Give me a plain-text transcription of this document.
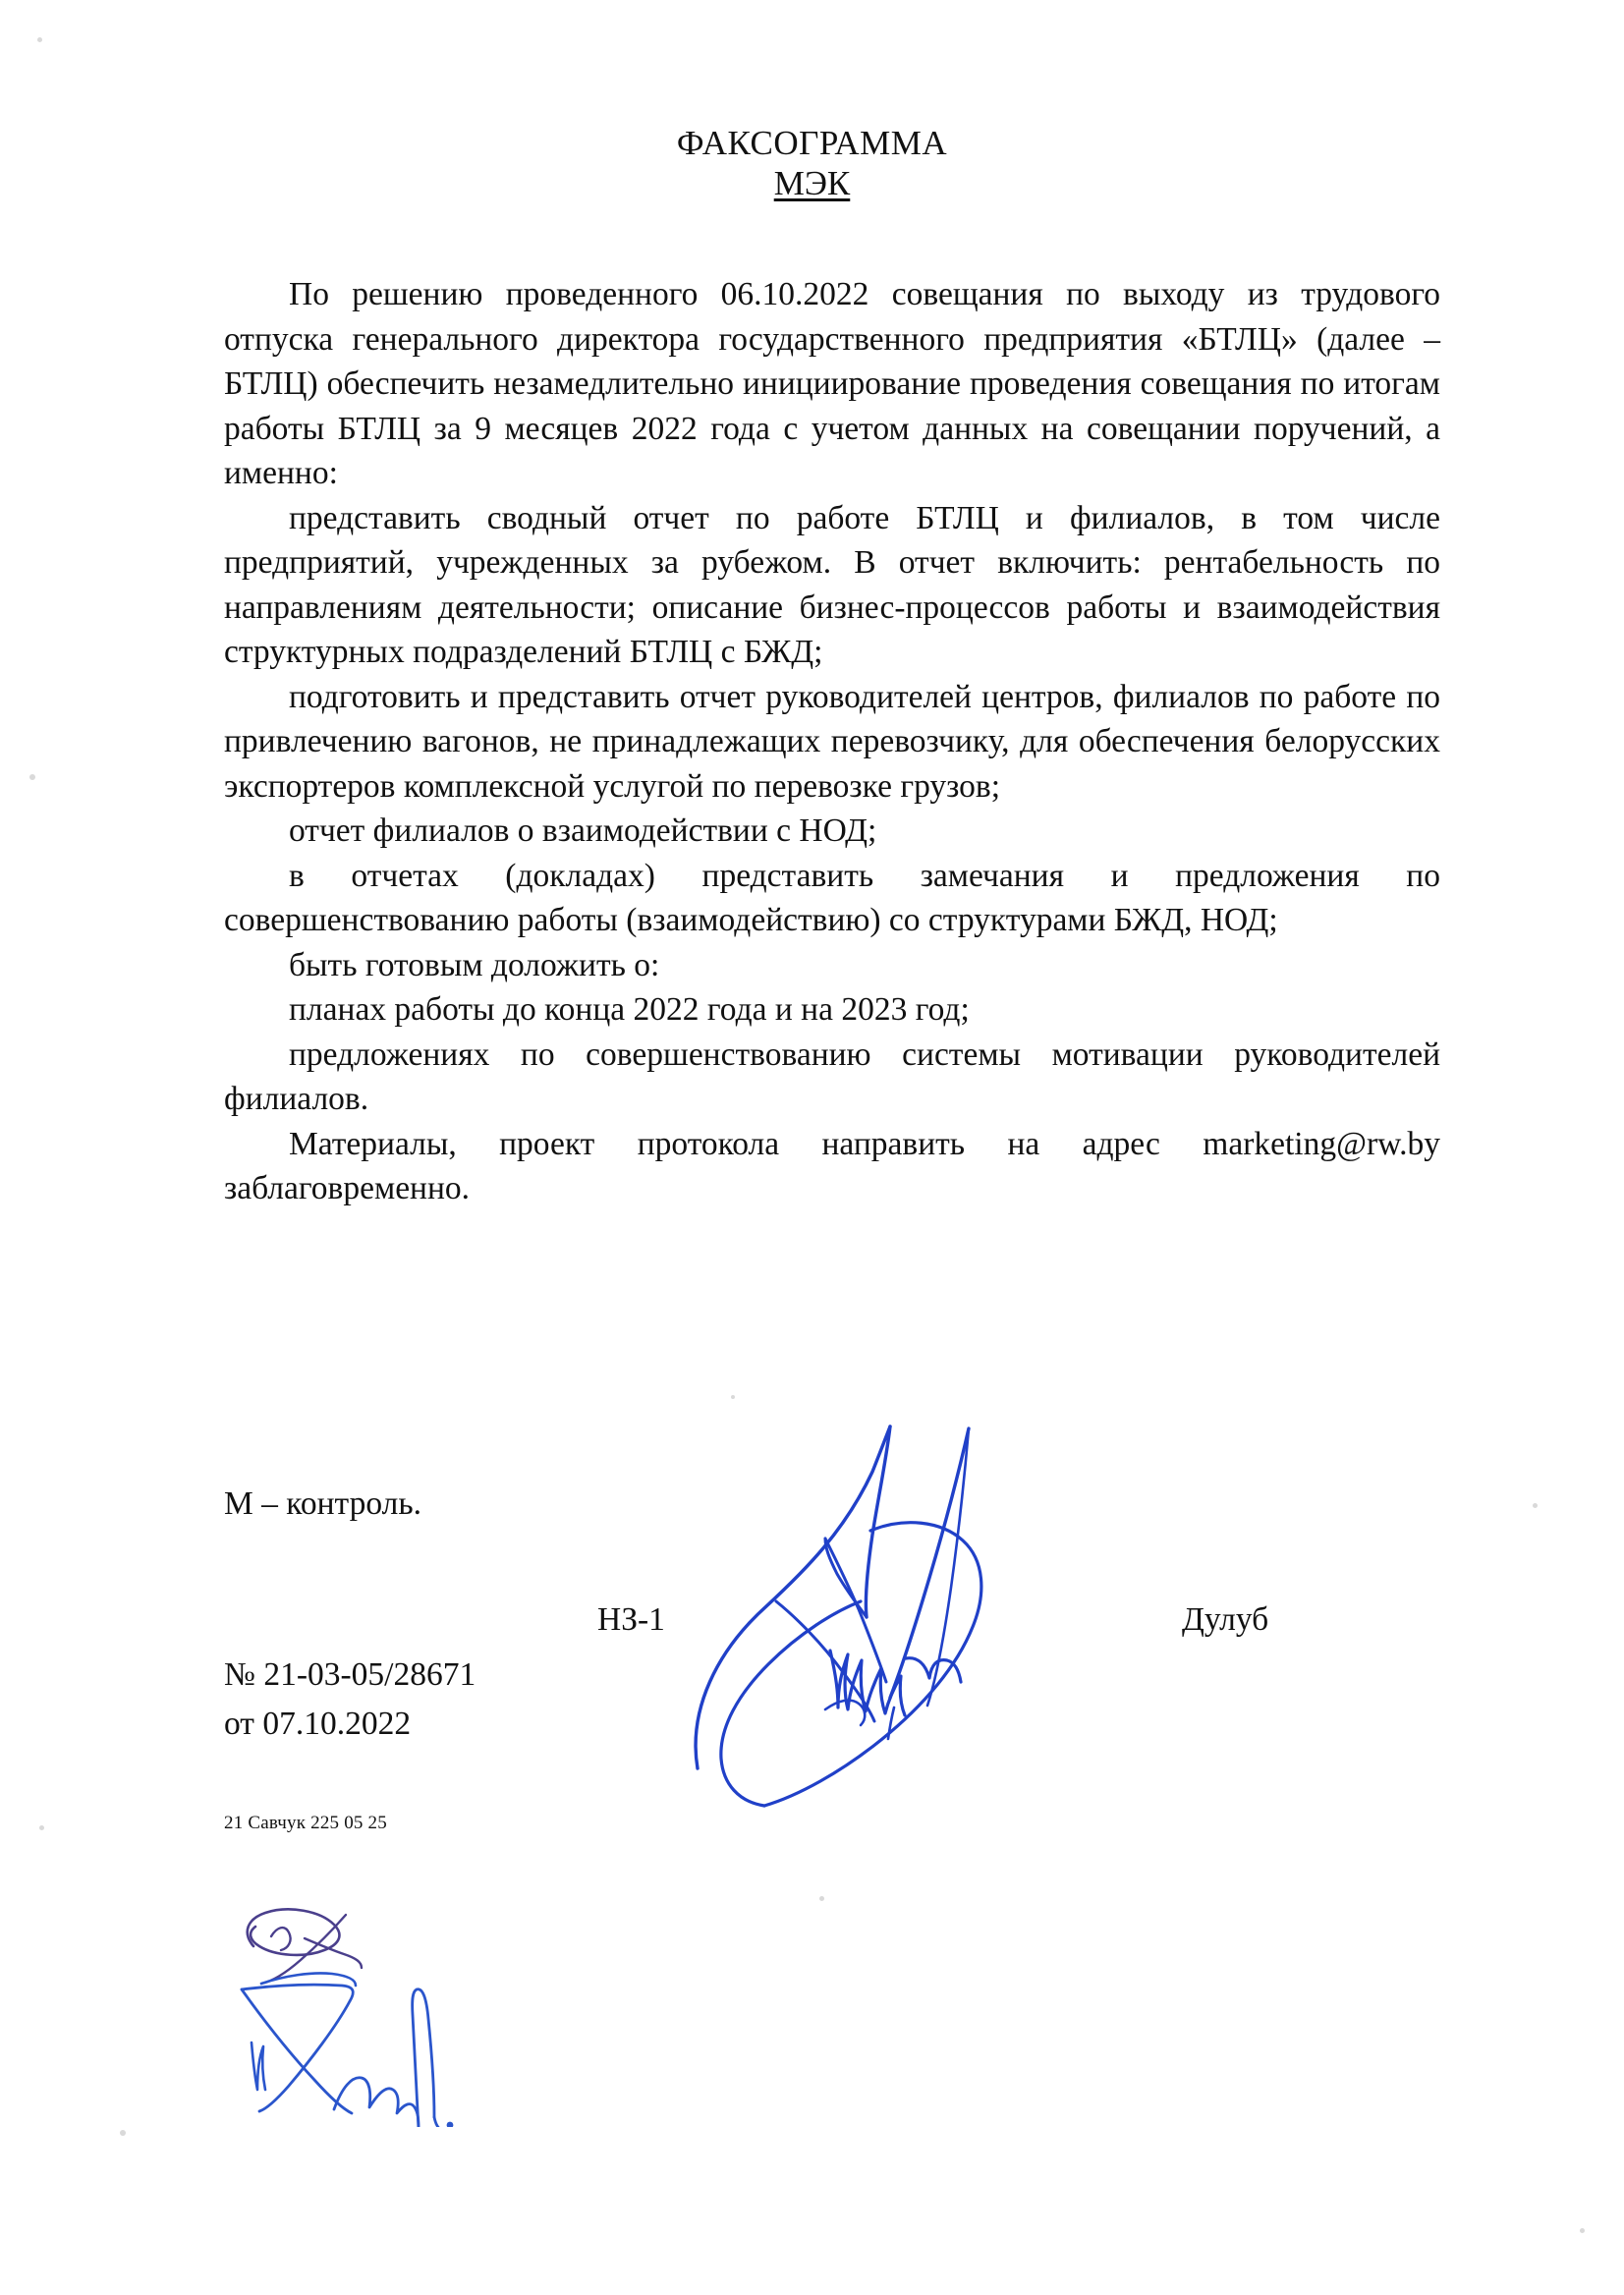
ФАКСОГРАММА
МЭК

По решению проведенного 06.10.2022 совещания по выходу из трудового отпуска генерального директора государственного предприятия «БТЛЦ» (далее – БТЛЦ) обеспечить незамедлительно инициирование проведения совещания по итогам работы БТЛЦ за 9 месяцев 2022 года с учетом данных на совещании поручений, а именно:

представить сводный отчет по работе БТЛЦ и филиалов, в том числе предприятий, учрежденных за рубежом. В отчет включить: рентабельность по направлениям деятельности; описание бизнес-процессов работы и взаимодействия структурных подразделений БТЛЦ с БЖД;

подготовить и представить отчет руководителей центров, филиалов по работе по привлечению вагонов, не принадлежащих перевозчику, для обеспечения белорусских экспортеров комплексной услугой по перевозке грузов;

отчет филиалов о взаимодействии с НОД;

в отчетах (докладах) представить замечания и предложения по совершенствованию работы (взаимодействию) со структурами БЖД, НОД;

быть готовым доложить о:

планах работы до конца 2022 года и на 2023 год;

предложениях по совершенствованию системы мотивации руководителей филиалов.

Материалы, проект протокола направить на адрес marketing@rw.by заблаговременно.

М – контроль.
НЗ-1	Дулуб
№ 21-03-05/28671
от 07.10.2022
21 Савчук 225 05 25
